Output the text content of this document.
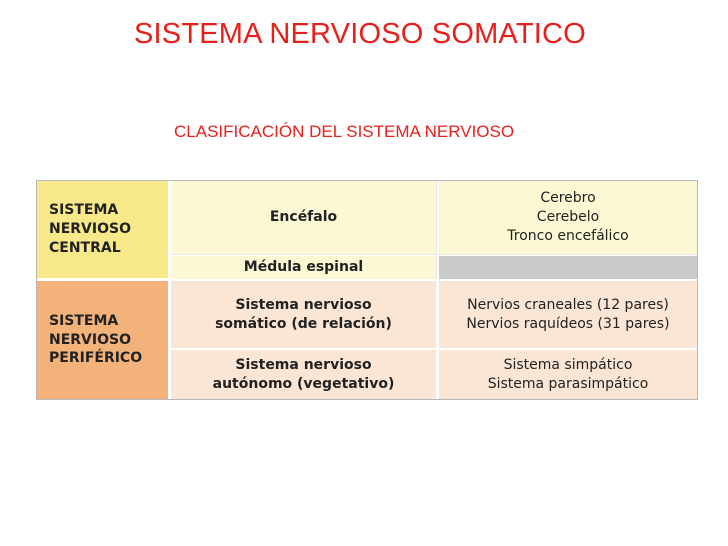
SISTEMA NERVIOSO SOMATICO
CLASIFICACIÓN DEL SISTEMA NERVIOSO
SISTEMA
NERVIOSO
CENTRAL
Encéfalo
Cerebro
Cerebelo
Tronco encefálico
Médula espinal
SISTEMA
NERVIOSO
PERIFÉRICO
Sistema nervioso
somático (de relación)
Nervios craneales (12 pares)
Nervios raquídeos (31 pares)
Sistema nervioso
autónomo (vegetativo)
Sistema simpático
Sistema parasimpático
